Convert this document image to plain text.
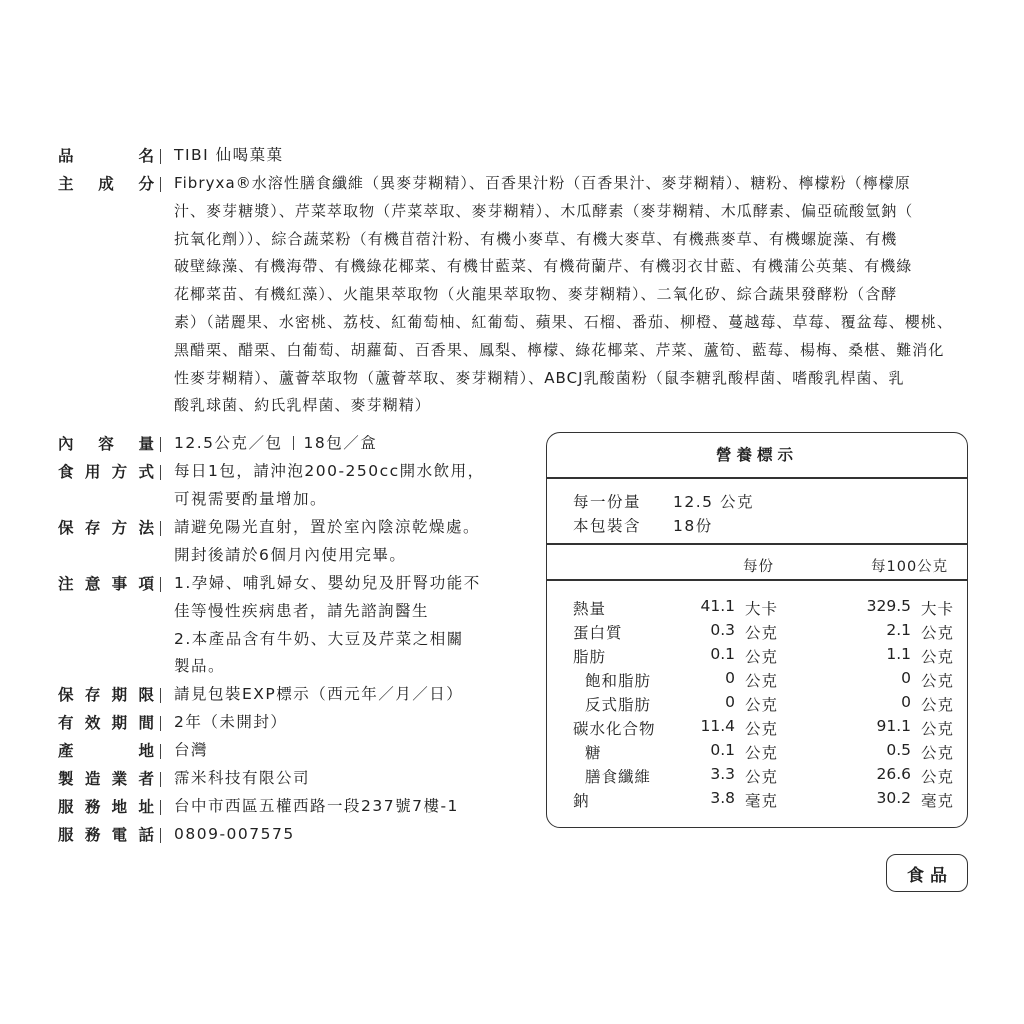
品	名 TIBI 仙喝菓菓
主 成 分 Fibryxa®水溶性膳食纖維（異麥芽糊精）、百香果汁粉（百香果汁、麥芽糊精）、糖粉、檸檬粉（檸檬原
汁、麥芽糖漿）、芹菜萃取物（芹菜萃取、麥芽糊精）、木瓜酵素（麥芽糊精、木瓜酵素、偏亞硫酸氫鈉（
抗氧化劑））、綜合蔬菜粉（有機苜蓿汁粉、有機小麥草、有機大麥草、有機燕麥草、有機螺旋藻、有機
破壁綠藻、有機海帶、有機綠花椰菜、有機甘藍菜、有機荷蘭芹、有機羽衣甘藍、有機蒲公英葉、有機綠
花椰菜苗、有機紅藻）、火龍果萃取物（火龍果萃取物、麥芽糊精）、二氧化矽、綜合蔬果發酵粉（含酵
素）（諾麗果、水密桃、荔枝、紅葡萄柚、紅葡萄、蘋果、石榴、番茄、柳橙、蔓越莓、草莓、覆盆莓、櫻桃、
黑醋栗、醋栗、白葡萄、胡蘿蔔、百香果、鳳梨、檸檬、綠花椰菜、芹菜、蘆筍、藍莓、楊梅、桑椹、難消化
性麥芽糊精）、蘆薈萃取物（蘆薈萃取、麥芽糊精）、ABCJ乳酸菌粉（鼠李糖乳酸桿菌、嗜酸乳桿菌、乳
酸乳球菌、約氏乳桿菌、麥芽糊精）
內 容 量 12.5公克／包 18包／盒
食 用 方 式 每日1包，請沖泡200-250cc開水飲用，
可視需要酌量增加。
保 存 方 法 請避免陽光直射，置於室內陰涼乾燥處。
開封後請於6個月內使用完畢。
注 意 事 項 1.孕婦、哺乳婦女、嬰幼兒及肝腎功能不
佳等慢性疾病患者，請先諮詢醫生
2.本產品含有牛奶、大豆及芹菜之相關
製品。
保 存 期 限 請見包裝EXP標示（西元年／月／日）
有 效 期 間 2年（未開封）
產	地 台灣
製 造 業 者 霈米科技有限公司
服 務 地 址 台中市西區五權西路一段237號7樓-1
服 務 電 話 0809-007575
營養標示
每一份量	12.5 公克
本包裝含	18份
每份	每100公克
熱量	41.1 大卡	329.5 大卡
蛋白質	0.3 公克	2.1 公克
脂肪	0.1 公克	1.1 公克
飽和脂肪	0 公克	0 公克
反式脂肪	0 公克	0 公克
碳水化合物	11.4 公克	91.1 公克
糖	0.1 公克	0.5 公克
膳食纖維	3.3 公克	26.6 公克
鈉	3.8 毫克	30.2 毫克
食品
